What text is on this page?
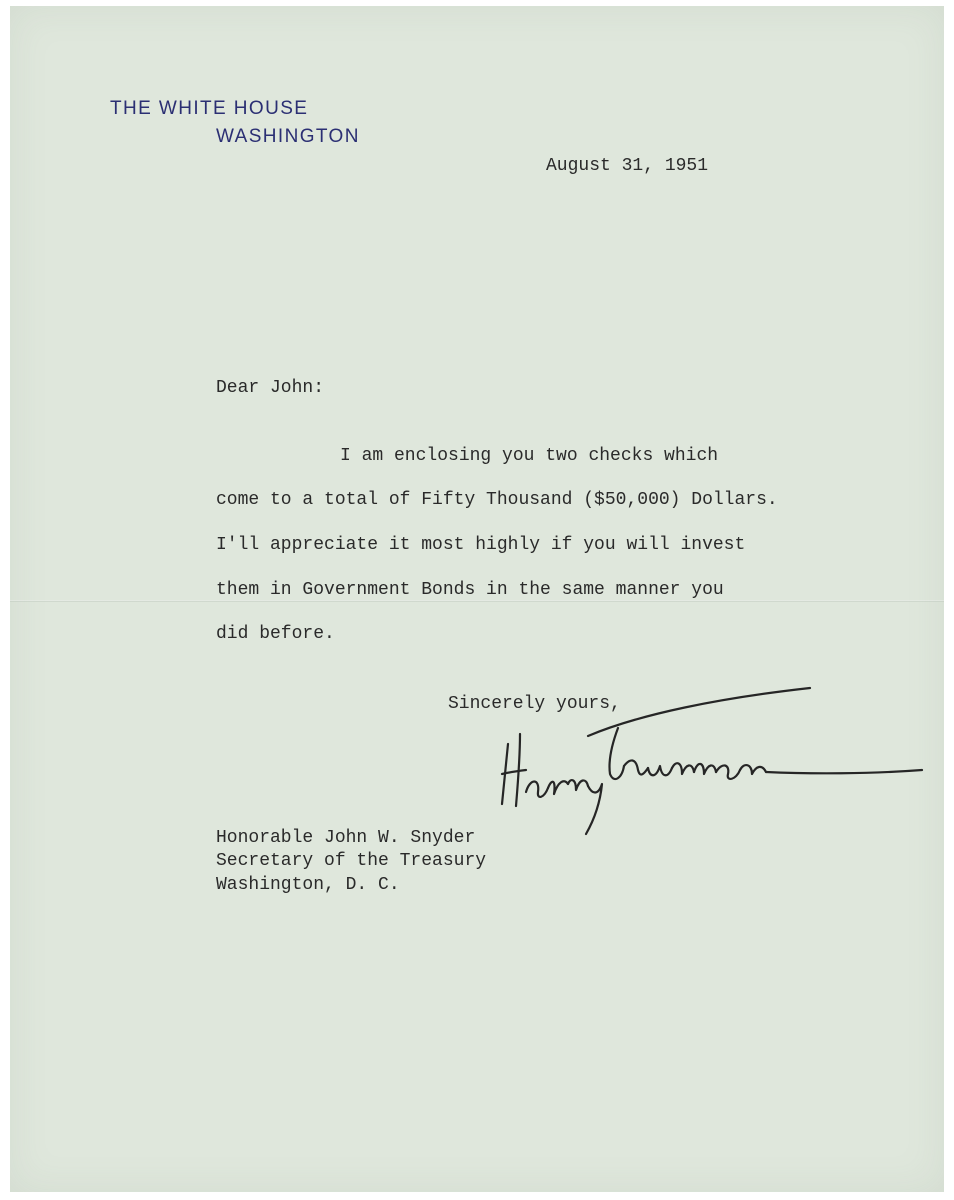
THE WHITE HOUSE
WASHINGTON
August 31, 1951
Dear John:
I am enclosing you two checks which
come to a total of Fifty Thousand ($50,000) Dollars.
I'll appreciate it most highly if you will invest
them in Government Bonds in the same manner you
did before.
Sincerely yours,
Honorable John W. Snyder
Secretary of the Treasury
Washington, D. C.
